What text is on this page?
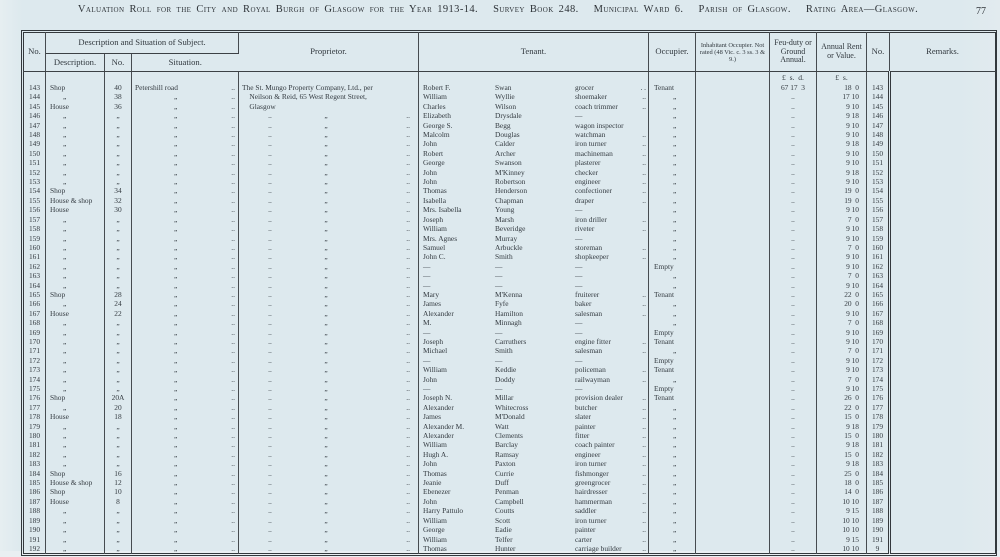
Valuation Roll for the City and Royal Burgh of Glasgow for the Year 1913-14. Survey Book 248. Municipal Ward 6. Parish of Glasgow. Rating Area—Glasgow.	77
No.	Description and Situation of Subject.			Proprietor.	Tenant.	Occupier.	Inhabitant Occupier. Not rated (48 Vic. c. 3 ss. 3 & 9.)	Feu-duty or Ground Annual.	Annual Rent or Value.	No.	Remarks.
	Description.	No.	Situation.								
								£  s.  d.	£  s.		
143	Shop	40	Petershill road ..	The St. Mungo Property Company, Ltd., per	Robert F. Swan grocer . .	Tenant		67 17  3	18  0	143	
144	„	38	„ ..	Neilson & Reid, 65 West Regent Street,	William Wyllie shoemaker ..	„		..	17 10	144	
145	House	36	„ ..	Glasgow	Charles Wilson coach trimmer ..	„		..	9 10	145	
146	„	„	„ ..	.. „ ..	Elizabeth Drysdale —	„		..	9 18	146	
147	„	„	„ ..	.. „ ..	George S. Begg wagon inspector	„		..	9 10	147	
148	„	„	„ ..	.. „ ..	Malcolm Douglas watchman ..	„		..	9 10	148	
149	„	„	„ ..	.. „ ..	John Calder iron turner ..	„		..	9 18	149	
150	„	„	„ ..	.. „ ..	Robert Archer machineman ..	„		..	9 10	150	
151	„	„	„ ..	.. „ ..	George Swanson plasterer ..	„		..	9 10	151	
152	„	„	„ ..	.. „ ..	John M'Kinney checker ..	„		..	9 18	152	
153	„	„	„ ..	.. „ ..	John Robertson engineer ..	„		..	9 10	153	
154	Shop	34	„ ..	.. „ ..	Thomas Henderson confectioner ..	„		..	19  0	154	
155	House & shop	32	„ ..	.. „ ..	Isabella Chapman draper ..	„		..	19  0	155	
156	House	30	„ ..	.. „ ..	Mrs. Isabella Young —	„		..	9 10	156	
157	„	„	„ ..	.. „ ..	Joseph Marsh iron driller ..	„		..	7  0	157	
158	„	„	„ ..	.. „ ..	William Beveridge riveter ..	„		..	9 10	158	
159	„	„	„ ..	.. „ ..	Mrs. Agnes Murray —	„		..	9 10	159	
160	„	„	„ ..	.. „ ..	Samuel Arbuckle storeman ..	„		..	7  0	160	
161	„	„	„ ..	.. „ ..	John C. Smith shopkeeper ..	„		..	9 10	161	
162	„	„	„ ..	.. „ ..	— — —	Empty		..	9 10	162	
163	„	„	„ ..	.. „ ..	— — —	„		..	7  0	163	
164	„	„	„ ..	.. „ ..	— — —	„		..	9 10	164	
165	Shop	28	„ ..	.. „ ..	Mary M'Kenna fruiterer ..	Tenant		..	22  0	165	
166	„	24	„ ..	.. „ ..	James Fyfe baker ..	„		..	20  0	166	
167	House	22	„ ..	.. „ ..	Alexander Hamilton salesman ..	„		..	9 10	167	
168	„	„	„ ..	.. „ ..	M. Minnagh —	„		..	7  0	168	
169	„	„	„ ..	.. „ ..	— — —	Empty		..	9 10	169	
170	„	„	„ ..	.. „ ..	Joseph Carruthers engine fitter ..	Tenant		..	9 10	170	
171	„	„	„ ..	.. „ ..	Michael Smith salesman ..	„		..	7  0	171	
172	„	„	„ ..	.. „ ..	— — —	Empty		..	9 10	172	
173	„	„	„ ..	.. „ ..	William Keddie policeman ..	Tenant		..	9 10	173	
174	„	„	„ ..	.. „ ..	John Doddy railwayman ..	„		..	7  0	174	
175	„	„	„ ..	.. „ ..	— — —	Empty		..	9 10	175	
176	Shop	20A	„ ..	.. „ ..	Joseph N. Millar provision dealer ..	Tenant		..	26  0	176	
177	„	20	„ ..	.. „ ..	Alexander Whitecross butcher ..	„		..	22  0	177	
178	House	18	„ ..	.. „ ..	James M'Donald slater ..	„		..	15  0	178	
179	„	„	„ ..	.. „ ..	Alexander M. Watt painter ..	„		..	9 18	179	
180	„	„	„ ..	.. „ ..	Alexander Clements fitter ..	„		..	15  0	180	
181	„	„	„ ..	.. „ ..	William Barclay coach painter ..	„		..	9 18	181	
182	„	„	„ ..	.. „ ..	Hugh A. Ramsay engineer ..	„		..	15  0	182	
183	„	„	„ ..	.. „ ..	John Paxton iron turner ..	„		..	9 18	183	
184	Shop	16	„ ..	.. „ ..	Thomas Currie fishmonger ..	„		..	25  0	184	
185	House & shop	12	„ ..	.. „ ..	Jeanie Duff greengrocer ..	„		..	18  0	185	
186	Shop	10	„ ..	.. „ ..	Ebenezer Penman hairdresser ..	„		..	14  0	186	
187	House	8	„ ..	.. „ ..	John Campbell hammerman ..	„		..	10 10	187	
188	„	„	„ ..	.. „ ..	Harry Pattulo Coutts saddler ..	„		..	9 15	188	
189	„	„	„ ..	.. „ ..	William Scott iron turner ..	„		..	10 10	189	
190	„	„	„ ..	.. „ ..	George Eadie painter ..	„		..	10 10	190	
191	„	„	„ ..	.. „ ..	William Telfer carter ..	„		..	9 15	191	
192	„	„	„ ..	.. „ ..	Thomas Hunter carriage builder ..	„		..	10 10	9	
